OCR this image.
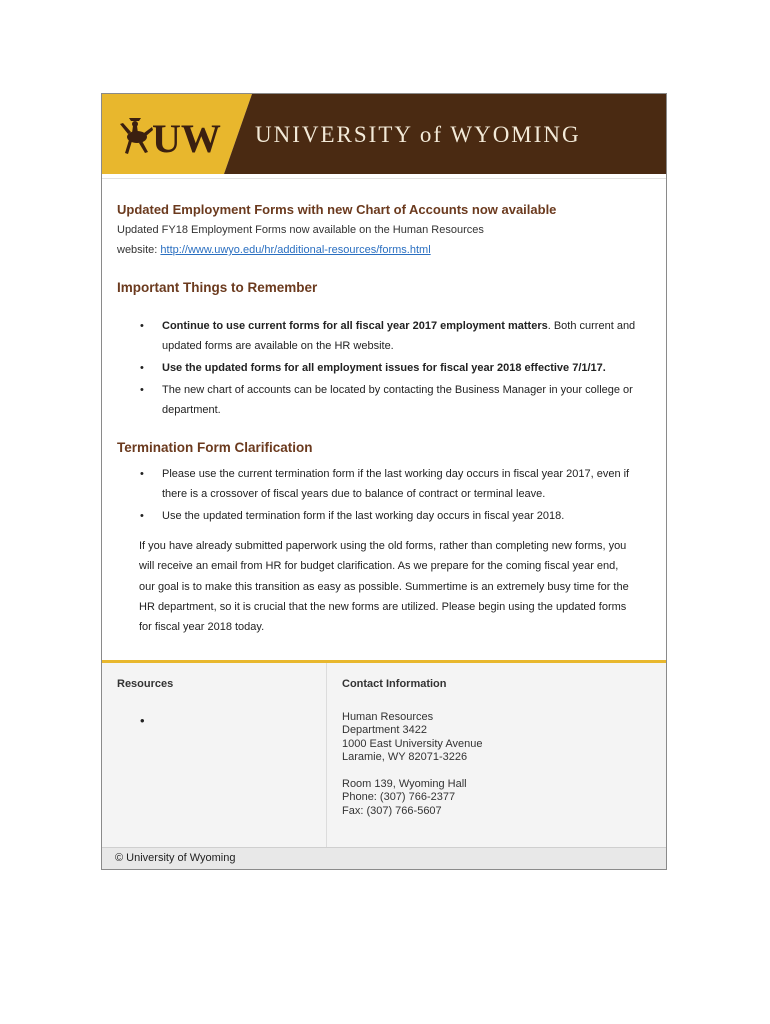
UW UNIVERSITY of WYOMING
Updated Employment Forms with new Chart of Accounts now available
Updated FY18 Employment Forms now available on the Human Resources
website: http://www.uwyo.edu/hr/additional-resources/forms.html
Important Things to Remember
• Continue to use current forms for all fiscal year 2017 employment matters. Both current and
updated forms are available on the HR website.
• Use the updated forms for all employment issues for fiscal year 2018 effective 7/1/17.
• The new chart of accounts can be located by contacting the Business Manager in your college or
department.
Termination Form Clarification
• Please use the current termination form if the last working day occurs in fiscal year 2017, even if
there is a crossover of fiscal years due to balance of contract or terminal leave.
• Use the updated termination form if the last working day occurs in fiscal year 2018.
If you have already submitted paperwork using the old forms, rather than completing new forms, you
will receive an email from HR for budget clarification. As we prepare for the coming fiscal year end,
our goal is to make this transition as easy as possible. Summertime is an extremely busy time for the
HR department, so it is crucial that the new forms are utilized. Please begin using the updated forms
for fiscal year 2018 today.
Resources
•
Contact Information
Human Resources
Department 3422
1000 East University Avenue
Laramie, WY 82071-3226
Room 139, Wyoming Hall
Phone: (307) 766-2377
Fax: (307) 766-5607
© University of Wyoming
